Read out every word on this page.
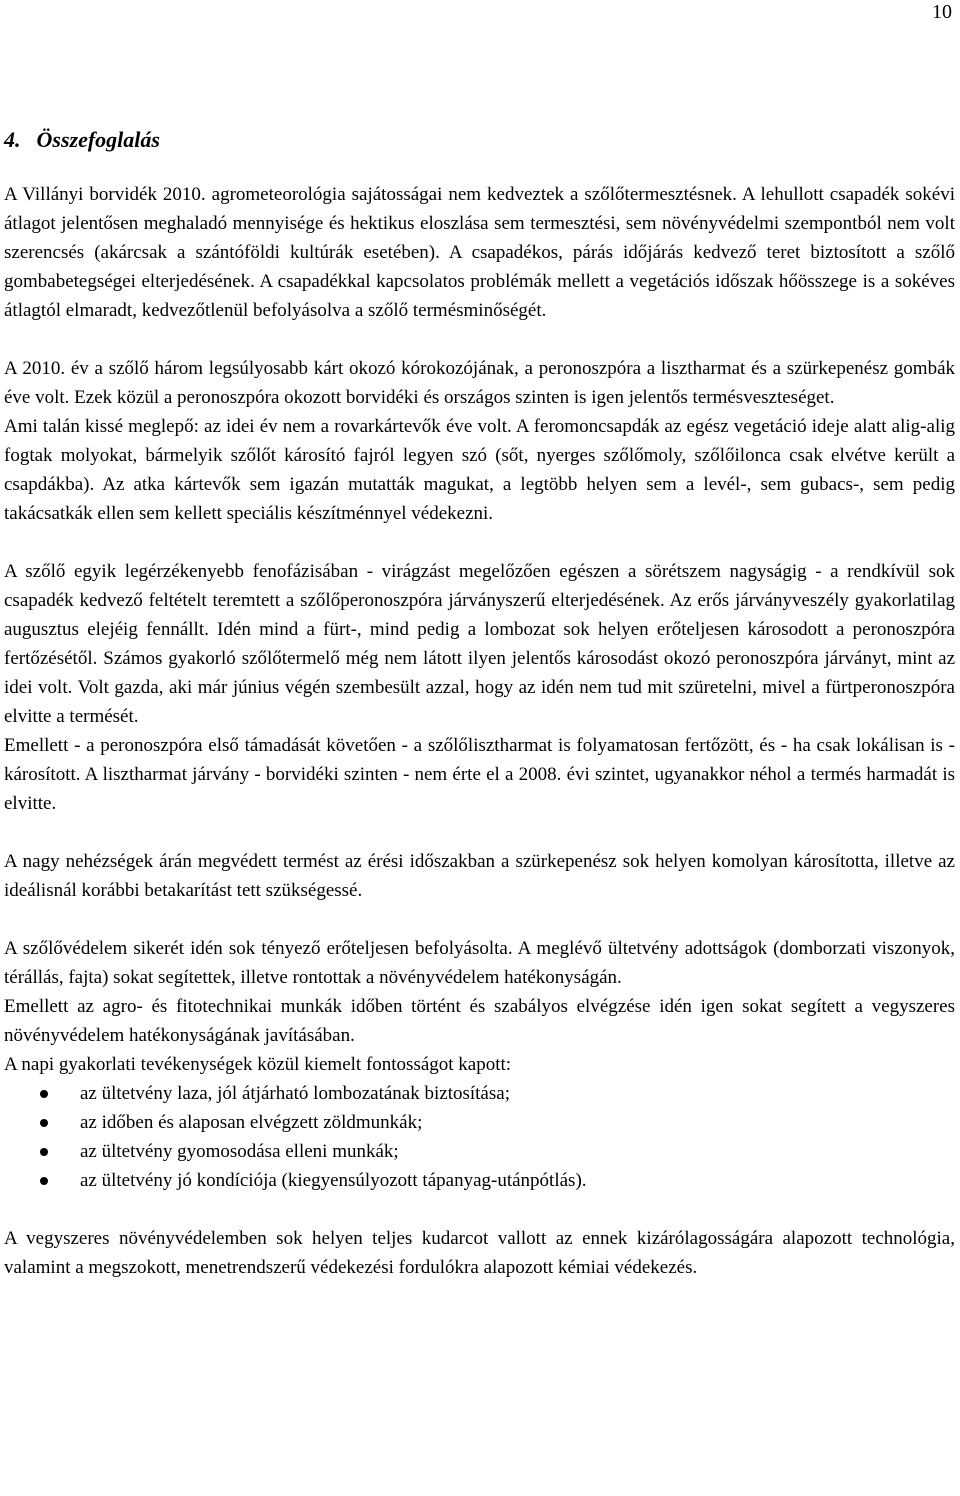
10
4. Összefoglalás

A Villányi borvidék 2010. agrometeorológia sajátosságai nem kedveztek a szőlőtermesztésnek. A lehullott csapadék sokévi átlagot jelentősen meghaladó mennyisége és hektikus eloszlása sem termesztési, sem növényvédelmi szempontból nem volt szerencsés (akárcsak a szántóföldi kultúrák esetében). A csapadékos, párás időjárás kedvező teret biztosított a szőlő gombabetegségei elterjedésének. A csapadékkal kapcsolatos problémák mellett a vegetációs időszak hőösszege is a sokéves átlagtól elmaradt, kedvezőtlenül befolyásolva a szőlő termésminőségét.

A 2010. év a szőlő három legsúlyosabb kárt okozó kórokozójának, a peronoszpóra a lisztharmat és a szürkepenész gombák éve volt. Ezek közül a peronoszpóra okozott borvidéki és országos szinten is igen jelentős termésveszteséget.

Ami talán kissé meglepő: az idei év nem a rovarkártevők éve volt. A feromoncsapdák az egész vegetáció ideje alatt alig-alig fogtak molyokat, bármelyik szőlőt károsító fajról legyen szó (sőt, nyerges szőlőmoly, szőlőilonca csak elvétve került a csapdákba). Az atka kártevők sem igazán mutatták magukat, a legtöbb helyen sem a levél-, sem gubacs-, sem pedig takácsatkák ellen sem kellett speciális készítménnyel védekezni.

A szőlő egyik legérzékenyebb fenofázisában - virágzást megelőzően egészen a sörétszem nagyságig - a rendkívül sok csapadék kedvező feltételt teremtett a szőlőperonoszpóra járványszerű elterjedésének. Az erős járványveszély gyakorlatilag augusztus elejéig fennállt. Idén mind a fürt-, mind pedig a lombozat sok helyen erőteljesen károsodott a peronoszpóra fertőzésétől. Számos gyakorló szőlőtermelő még nem látott ilyen jelentős károsodást okozó peronoszpóra járványt, mint az idei volt. Volt gazda, aki már június végén szembesült azzal, hogy az idén nem tud mit szüretelni, mivel a fürtperonoszpóra elvitte a termését.

Emellett - a peronoszpóra első támadását követően - a szőlőlisztharmat is folyamatosan fertőzött, és - ha csak lokálisan is - károsított. A lisztharmat járvány - borvidéki szinten - nem érte el a 2008. évi szintet, ugyanakkor néhol a termés harmadát is elvitte.

A nagy nehézségek árán megvédett termést az érési időszakban a szürkepenész sok helyen komolyan károsította, illetve az ideálisnál korábbi betakarítást tett szükségessé.

A szőlővédelem sikerét idén sok tényező erőteljesen befolyásolta. A meglévő ültetvény adottságok (domborzati viszonyok, térállás, fajta) sokat segítettek, illetve rontottak a növényvédelem hatékonyságán.

Emellett az agro- és fitotechnikai munkák időben történt és szabályos elvégzése idén igen sokat segített a vegyszeres növényvédelem hatékonyságának javításában.

A napi gyakorlati tevékenységek közül kiemelt fontosságot kapott:

az ültetvény laza, jól átjárható lombozatának biztosítása;
az időben és alaposan elvégzett zöldmunkák;
az ültetvény gyomosodása elleni munkák;
az ültetvény jó kondíciója (kiegyensúlyozott tápanyag-utánpótlás).

A vegyszeres növényvédelemben sok helyen teljes kudarcot vallott az ennek kizárólagosságára alapozott technológia, valamint a megszokott, menetrendszerű védekezési fordulókra alapozott kémiai védekezés.
